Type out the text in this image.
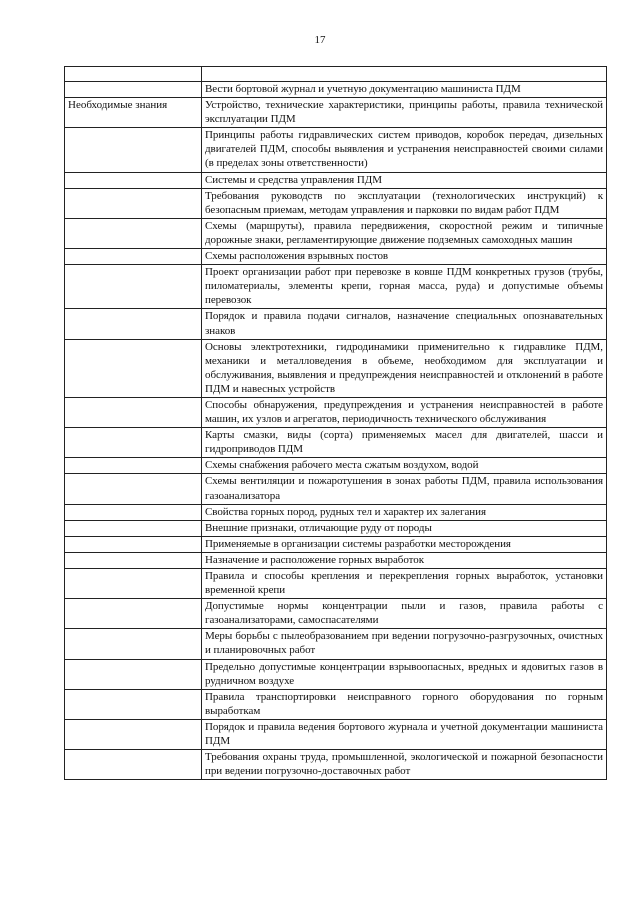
17

	Вести бортовой журнал и учетную документацию машиниста ПДМ
Необходимые знания	Устройство, технические характеристики, принципы работы, правила технической эксплуатации ПДМ
	Принципы работы гидравлических систем приводов, коробок передач, дизельных двигателей ПДМ, способы выявления и устранения неисправностей своими силами (в пределах зоны ответственности)
	Системы и средства управления ПДМ
	Требования руководств по эксплуатации (технологических инструкций) к безопасным приемам, методам управления и парковки по видам работ ПДМ
	Схемы (маршруты), правила передвижения, скоростной режим и типичные дорожные знаки, регламентирующие движение подземных самоходных машин
	Схемы расположения взрывных постов
	Проект организации работ при перевозке в ковше ПДМ конкретных грузов (трубы, пиломатериалы, элементы крепи, горная масса, руда) и допустимые объемы перевозок
	Порядок и правила подачи сигналов, назначение специальных опознавательных знаков
	Основы электротехники, гидродинамики применительно к гидравлике ПДМ, механики и металловедения в объеме, необходимом для эксплуатации и обслуживания, выявления и предупреждения неисправностей и отклонений в работе ПДМ и навесных устройств
	Способы обнаружения, предупреждения и устранения неисправностей в работе машин, их узлов и агрегатов, периодичность технического обслуживания
	Карты смазки, виды (сорта) применяемых масел для двигателей, шасси и гидроприводов ПДМ
	Схемы снабжения рабочего места сжатым воздухом, водой
	Схемы вентиляции и пожаротушения в зонах работы ПДМ, правила использования газоанализатора
	Свойства горных пород, рудных тел и характер их залегания
	Внешние признаки, отличающие руду от породы
	Применяемые в организации системы разработки месторождения
	Назначение и расположение горных выработок
	Правила и способы крепления и перекрепления горных выработок, установки временной крепи
	Допустимые нормы концентрации пыли и газов, правила работы с газоанализаторами, самоспасателями
	Меры борьбы с пылеобразованием при ведении погрузочно-разгрузочных, очистных и планировочных работ
	Предельно допустимые концентрации взрывоопасных, вредных и ядовитых газов в рудничном воздухе
	Правила транспортировки неисправного горного оборудования по горным выработкам
	Порядок и правила ведения бортового журнала и учетной документации машиниста ПДМ
	Требования охраны труда, промышленной, экологической и пожарной безопасности при ведении погрузочно-доставочных работ
